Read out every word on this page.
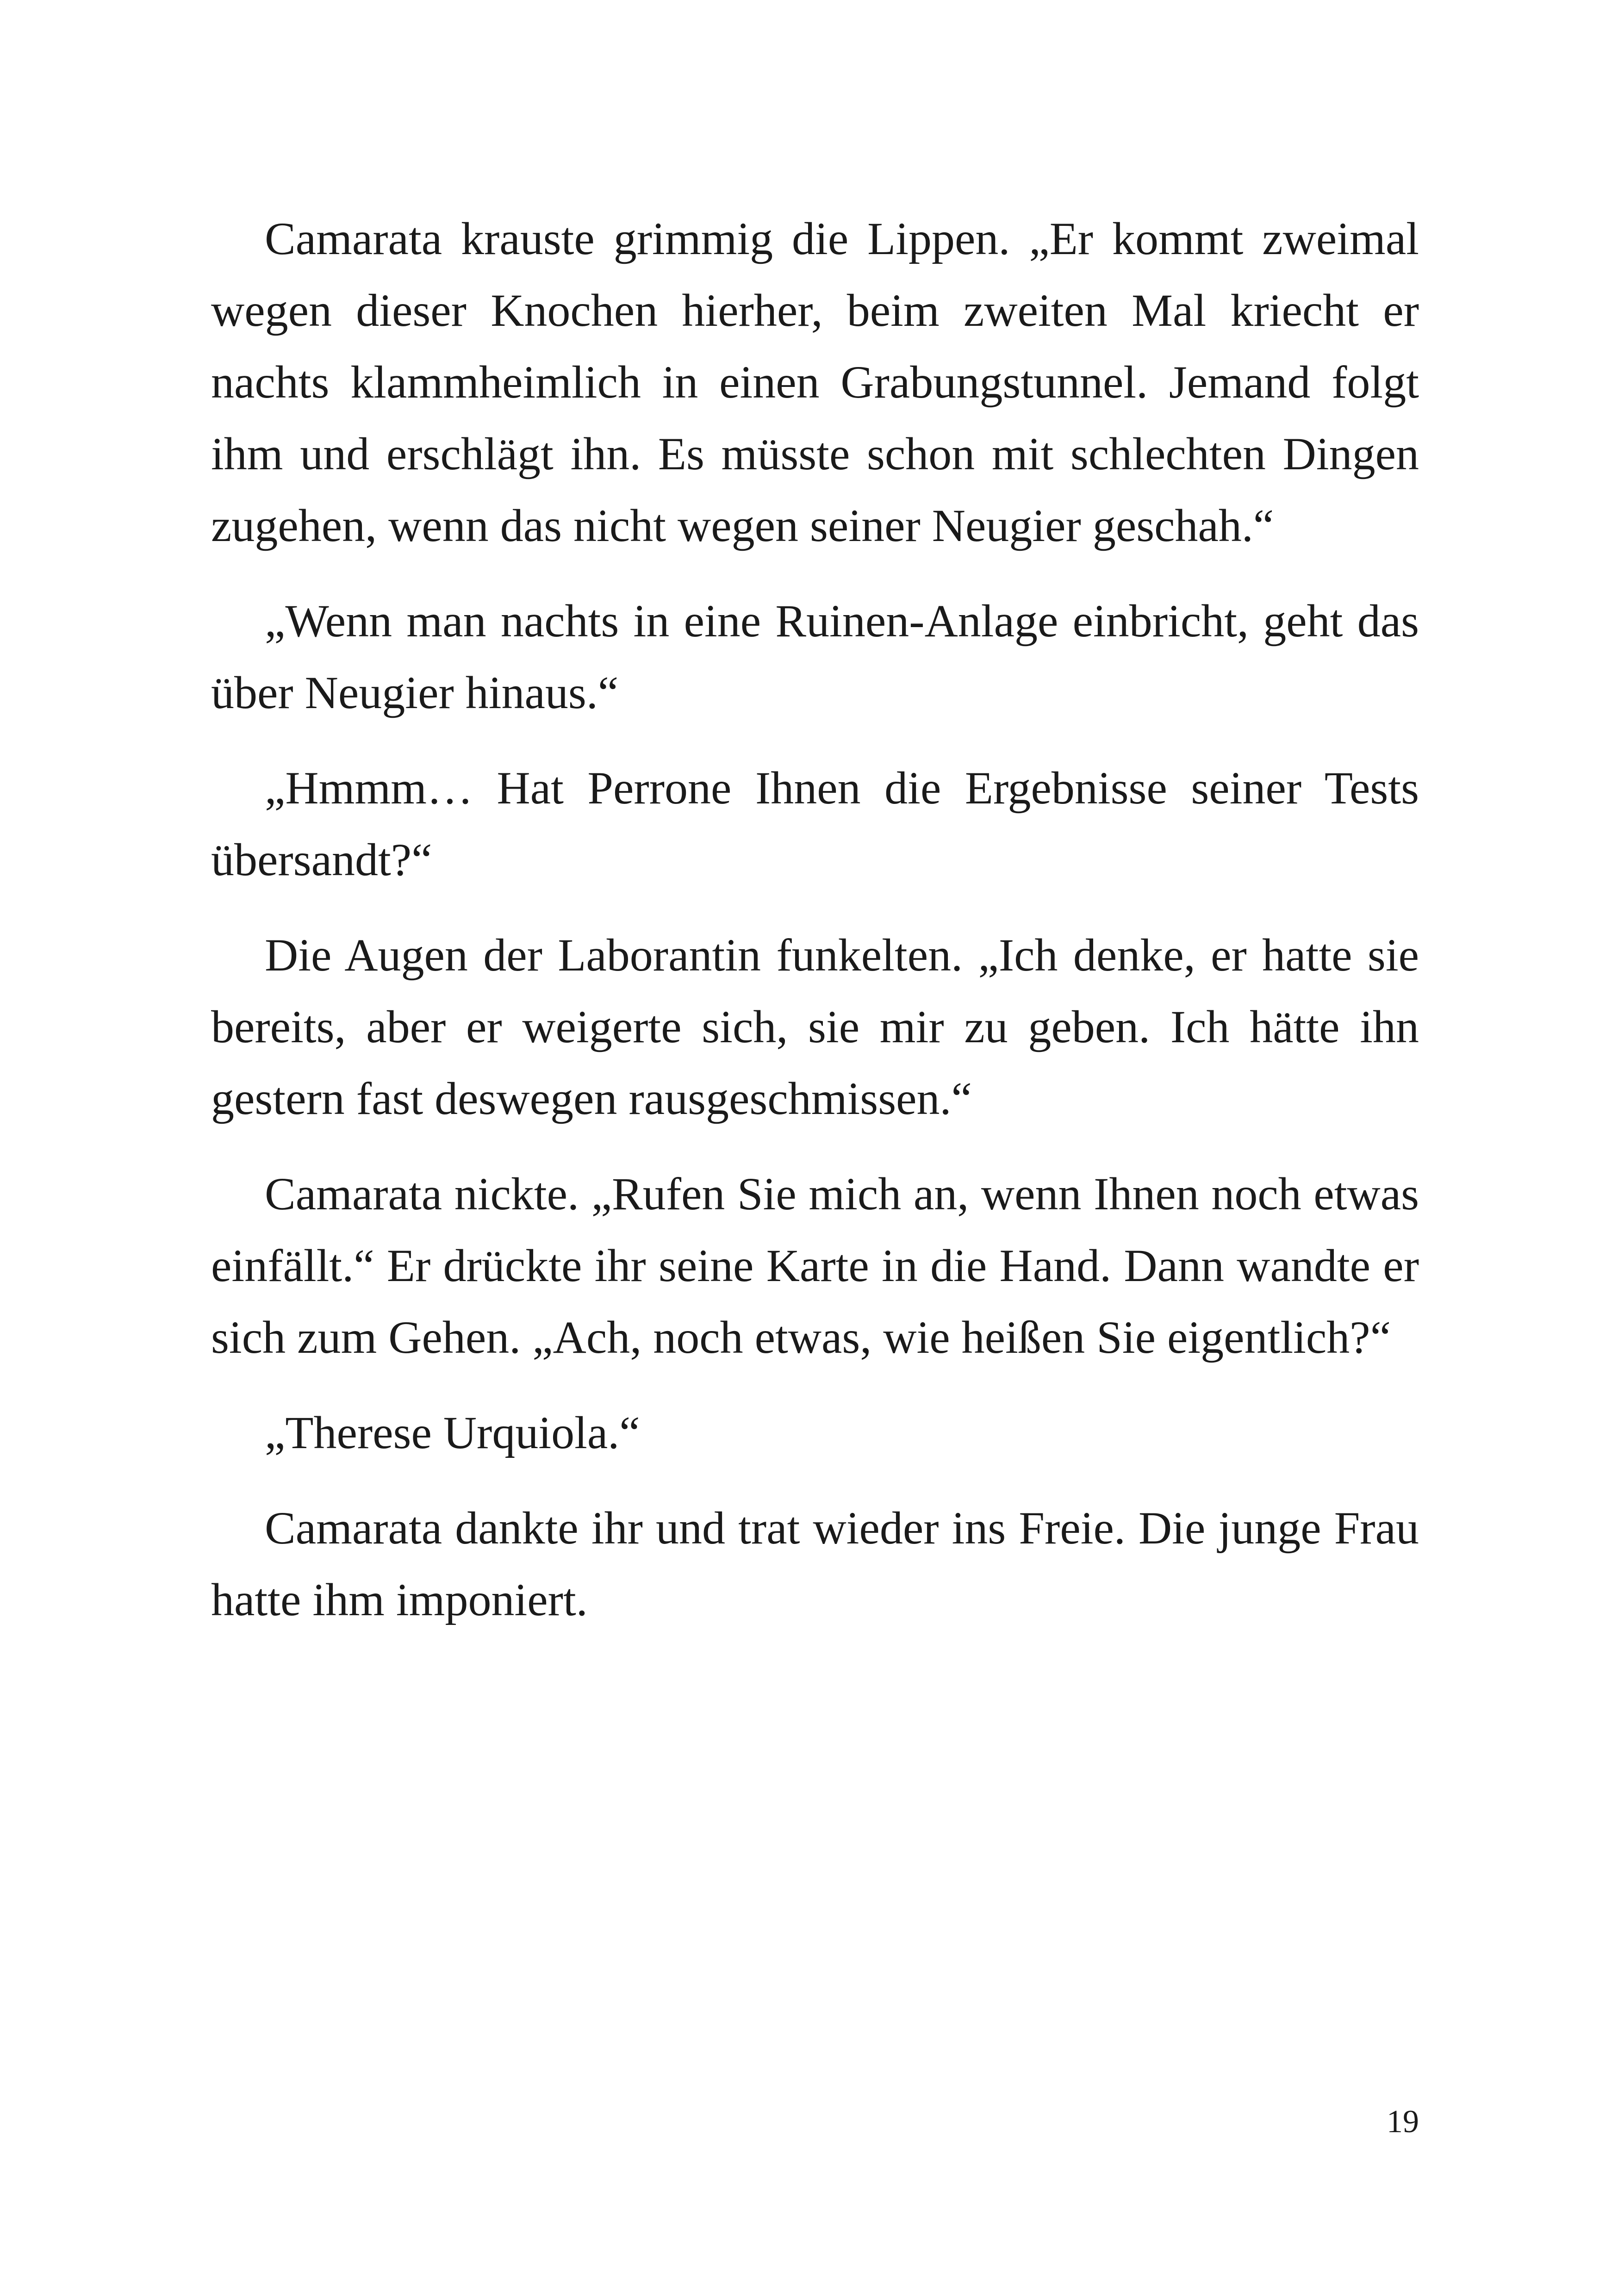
Camarata krauste grimmig die Lippen. „Er kommt zweimal wegen dieser Knochen hierher, beim zweiten Mal kriecht er nachts klammheimlich in einen Grabungstunnel. Jemand folgt ihm und erschlägt ihn. Es müsste schon mit schlechten Dingen zugehen, wenn das nicht wegen seiner Neugier geschah.“

„Wenn man nachts in eine Ruinen-Anlage einbricht, geht das über Neugier hinaus.“

„Hmmm… Hat Perrone Ihnen die Ergebnisse seiner Tests übersandt?“

Die Augen der Laborantin funkelten. „Ich denke, er hatte sie bereits, aber er weigerte sich, sie mir zu geben. Ich hätte ihn gestern fast deswegen rausgeschmissen.“

Camarata nickte. „Rufen Sie mich an, wenn Ihnen noch etwas einfällt.“ Er drückte ihr seine Karte in die Hand. Dann wandte er sich zum Gehen. „Ach, noch etwas, wie heißen Sie eigentlich?“

„Therese Urquiola.“

Camarata dankte ihr und trat wieder ins Freie. Die junge Frau hatte ihm imponiert.

19
